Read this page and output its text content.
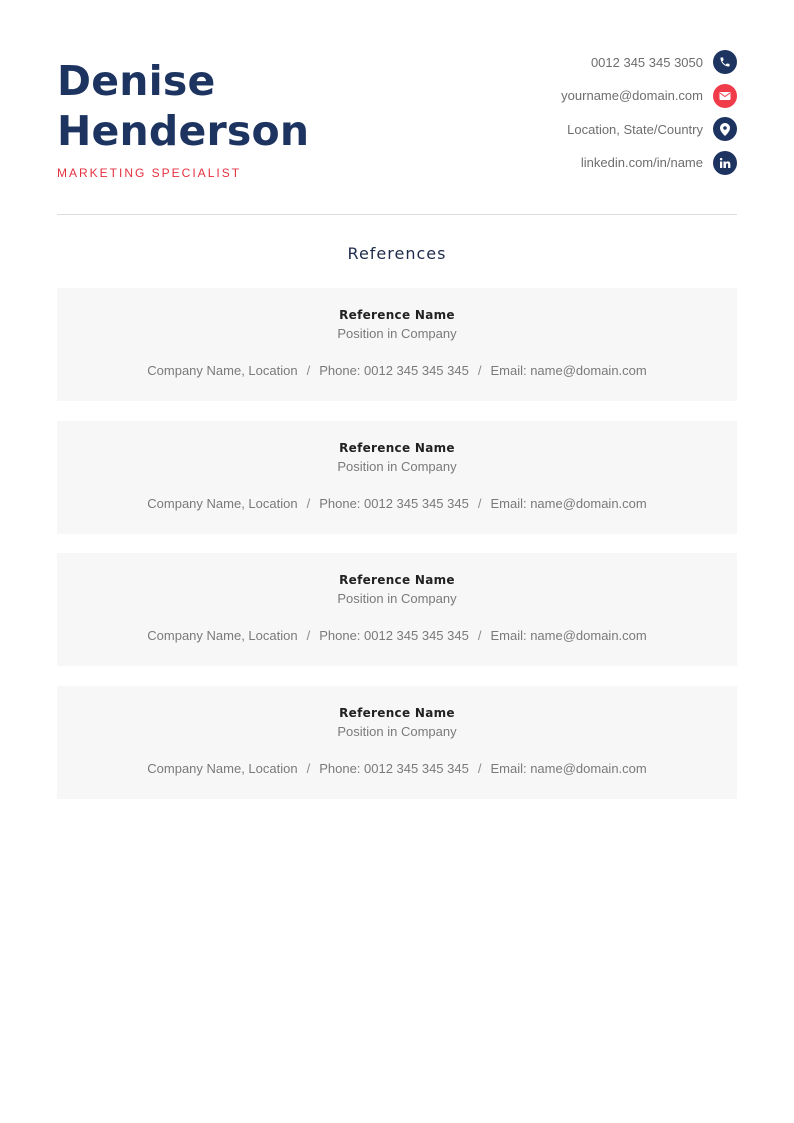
Denise
Henderson
MARKETING SPECIALIST
0012 345 345 3050
yourname@domain.com
Location, State/Country
linkedin.com/in/name
References
Reference Name
Position in Company
Company Name, Location / Phone: 0012 345 345 345 / Email: name@domain.com
Reference Name
Position in Company
Company Name, Location / Phone: 0012 345 345 345 / Email: name@domain.com
Reference Name
Position in Company
Company Name, Location / Phone: 0012 345 345 345 / Email: name@domain.com
Reference Name
Position in Company
Company Name, Location / Phone: 0012 345 345 345 / Email: name@domain.com
